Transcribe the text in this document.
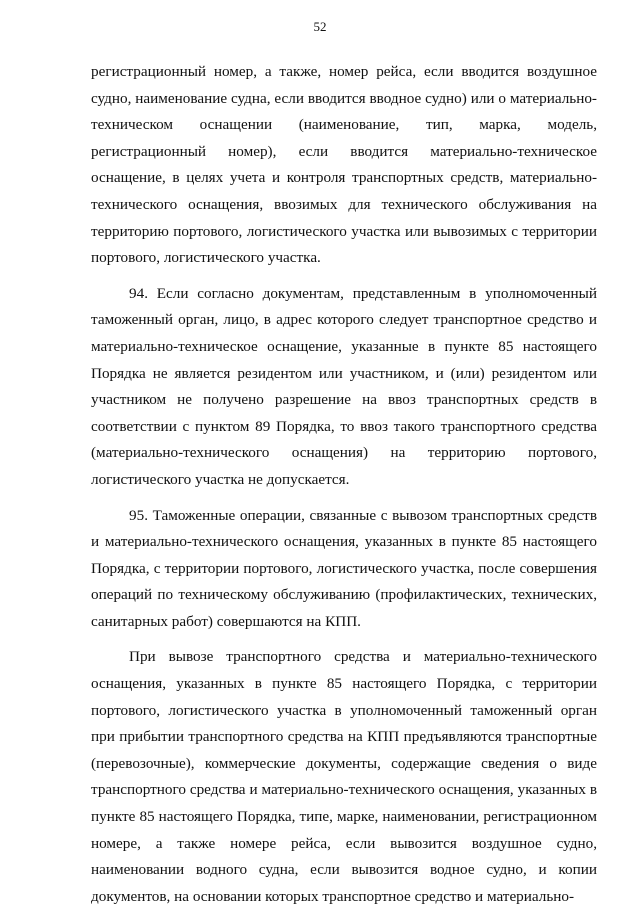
52

регистрационный номер, а также, номер рейса, если вводится воздушное судно, наименование судна, если вводится вводное судно) или о материально-техническом оснащении (наименование, тип, марка, модель, регистрационный номер), если вводится материально-техническое оснащение, в целях учета и контроля транспортных средств, материально-технического оснащения, ввозимых для технического обслуживания на территорию портового, логистического участка или вывозимых с территории портового, логистического участка.

94. Если согласно документам, представленным в уполномоченный таможенный орган, лицо, в адрес которого следует транспортное средство и материально-техническое оснащение, указанные в пункте 85 настоящего Порядка не является резидентом или участником, и (или) резидентом или участником не получено разрешение на ввоз транспортных средств в соответствии с пунктом 89 Порядка, то ввоз такого транспортного средства (материально-технического оснащения) на территорию портового, логистического участка не допускается.

95. Таможенные операции, связанные с вывозом транспортных средств и материально-технического оснащения, указанных в пункте 85 настоящего Порядка, с территории портового, логистического участка, после совершения операций по техническому обслуживанию (профилактических, технических, санитарных работ) совершаются на КПП.

При вывозе транспортного средства и материально-технического оснащения, указанных в пункте 85 настоящего Порядка, с территории портового, логистического участка в уполномоченный таможенный орган при прибытии транспортного средства на КПП предъявляются транспортные (перевозочные), коммерческие документы, содержащие сведения о виде транспортного средства и материально-технического оснащения, указанных в пункте 85 настоящего Порядка, типе, марке, наименовании, регистрационном номере, а также номере рейса, если вывозится воздушное судно, наименовании водного судна, если вывозится водное судно, и копии документов, на основании которых транспортное средство и материально-
